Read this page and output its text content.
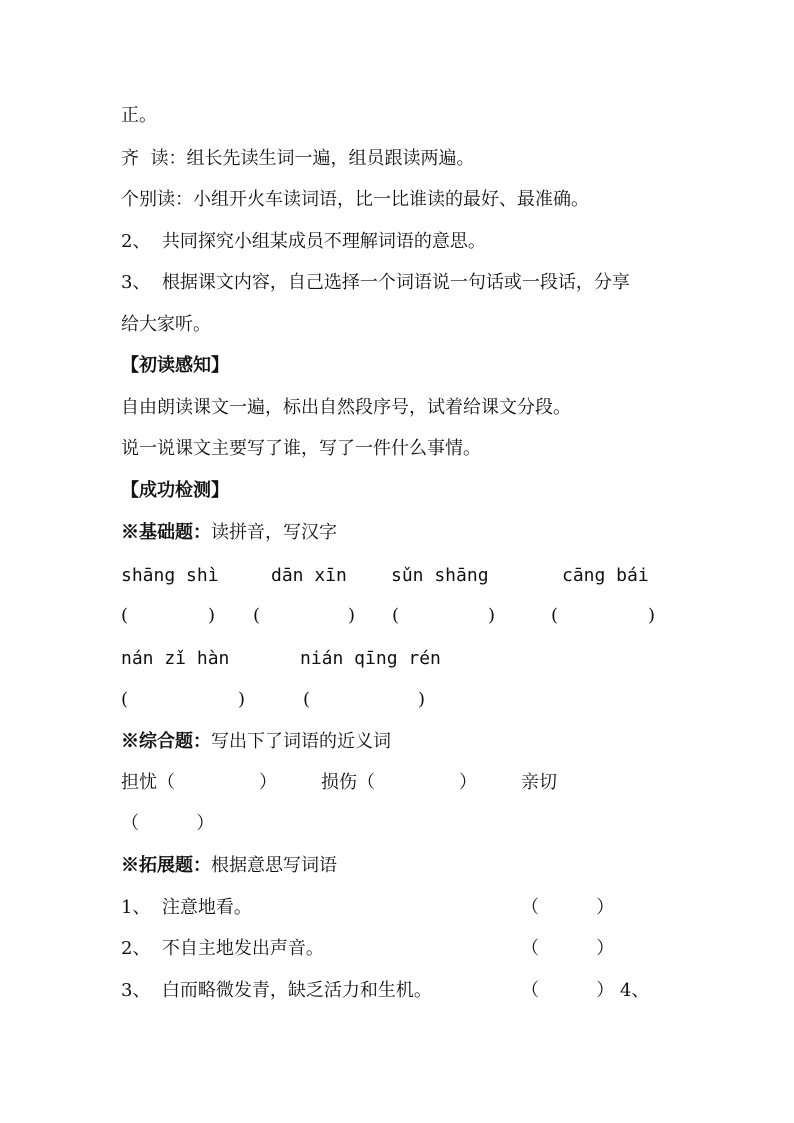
正。
齐  读：组长先读生词一遍，组员跟读两遍。
个别读：小组开火车读词语，比一比谁读的最好、最准确。
2、  共同探究小组某成员不理解词语的意思。
3、  根据课文内容，自己选择一个词语说一句话或一段话，分享
给大家听。
【初读感知】
自由朗读课文一遍，标出自然段序号，试着给课文分段。
说一说课文主要写了谁，写了一件什么事情。
【成功检测】
※基础题：读拼音，写汉字
shāng shì	dān xīn sǔn shāng	cāng bái
(	) (	) (	)	(	)
nán zǐ hàn	nián qīng rén
(	)	(	)
※综合题：写出下了词语的近义词
担忧（	） 损伤（	） 亲切
（          ）
※拓展题：根据意思写词语
1、  注意地看。	（          ）
2、  不自主地发出声音。	（          ）
3、  白而略微发青，缺乏活力和生机。	（          ） 4、
